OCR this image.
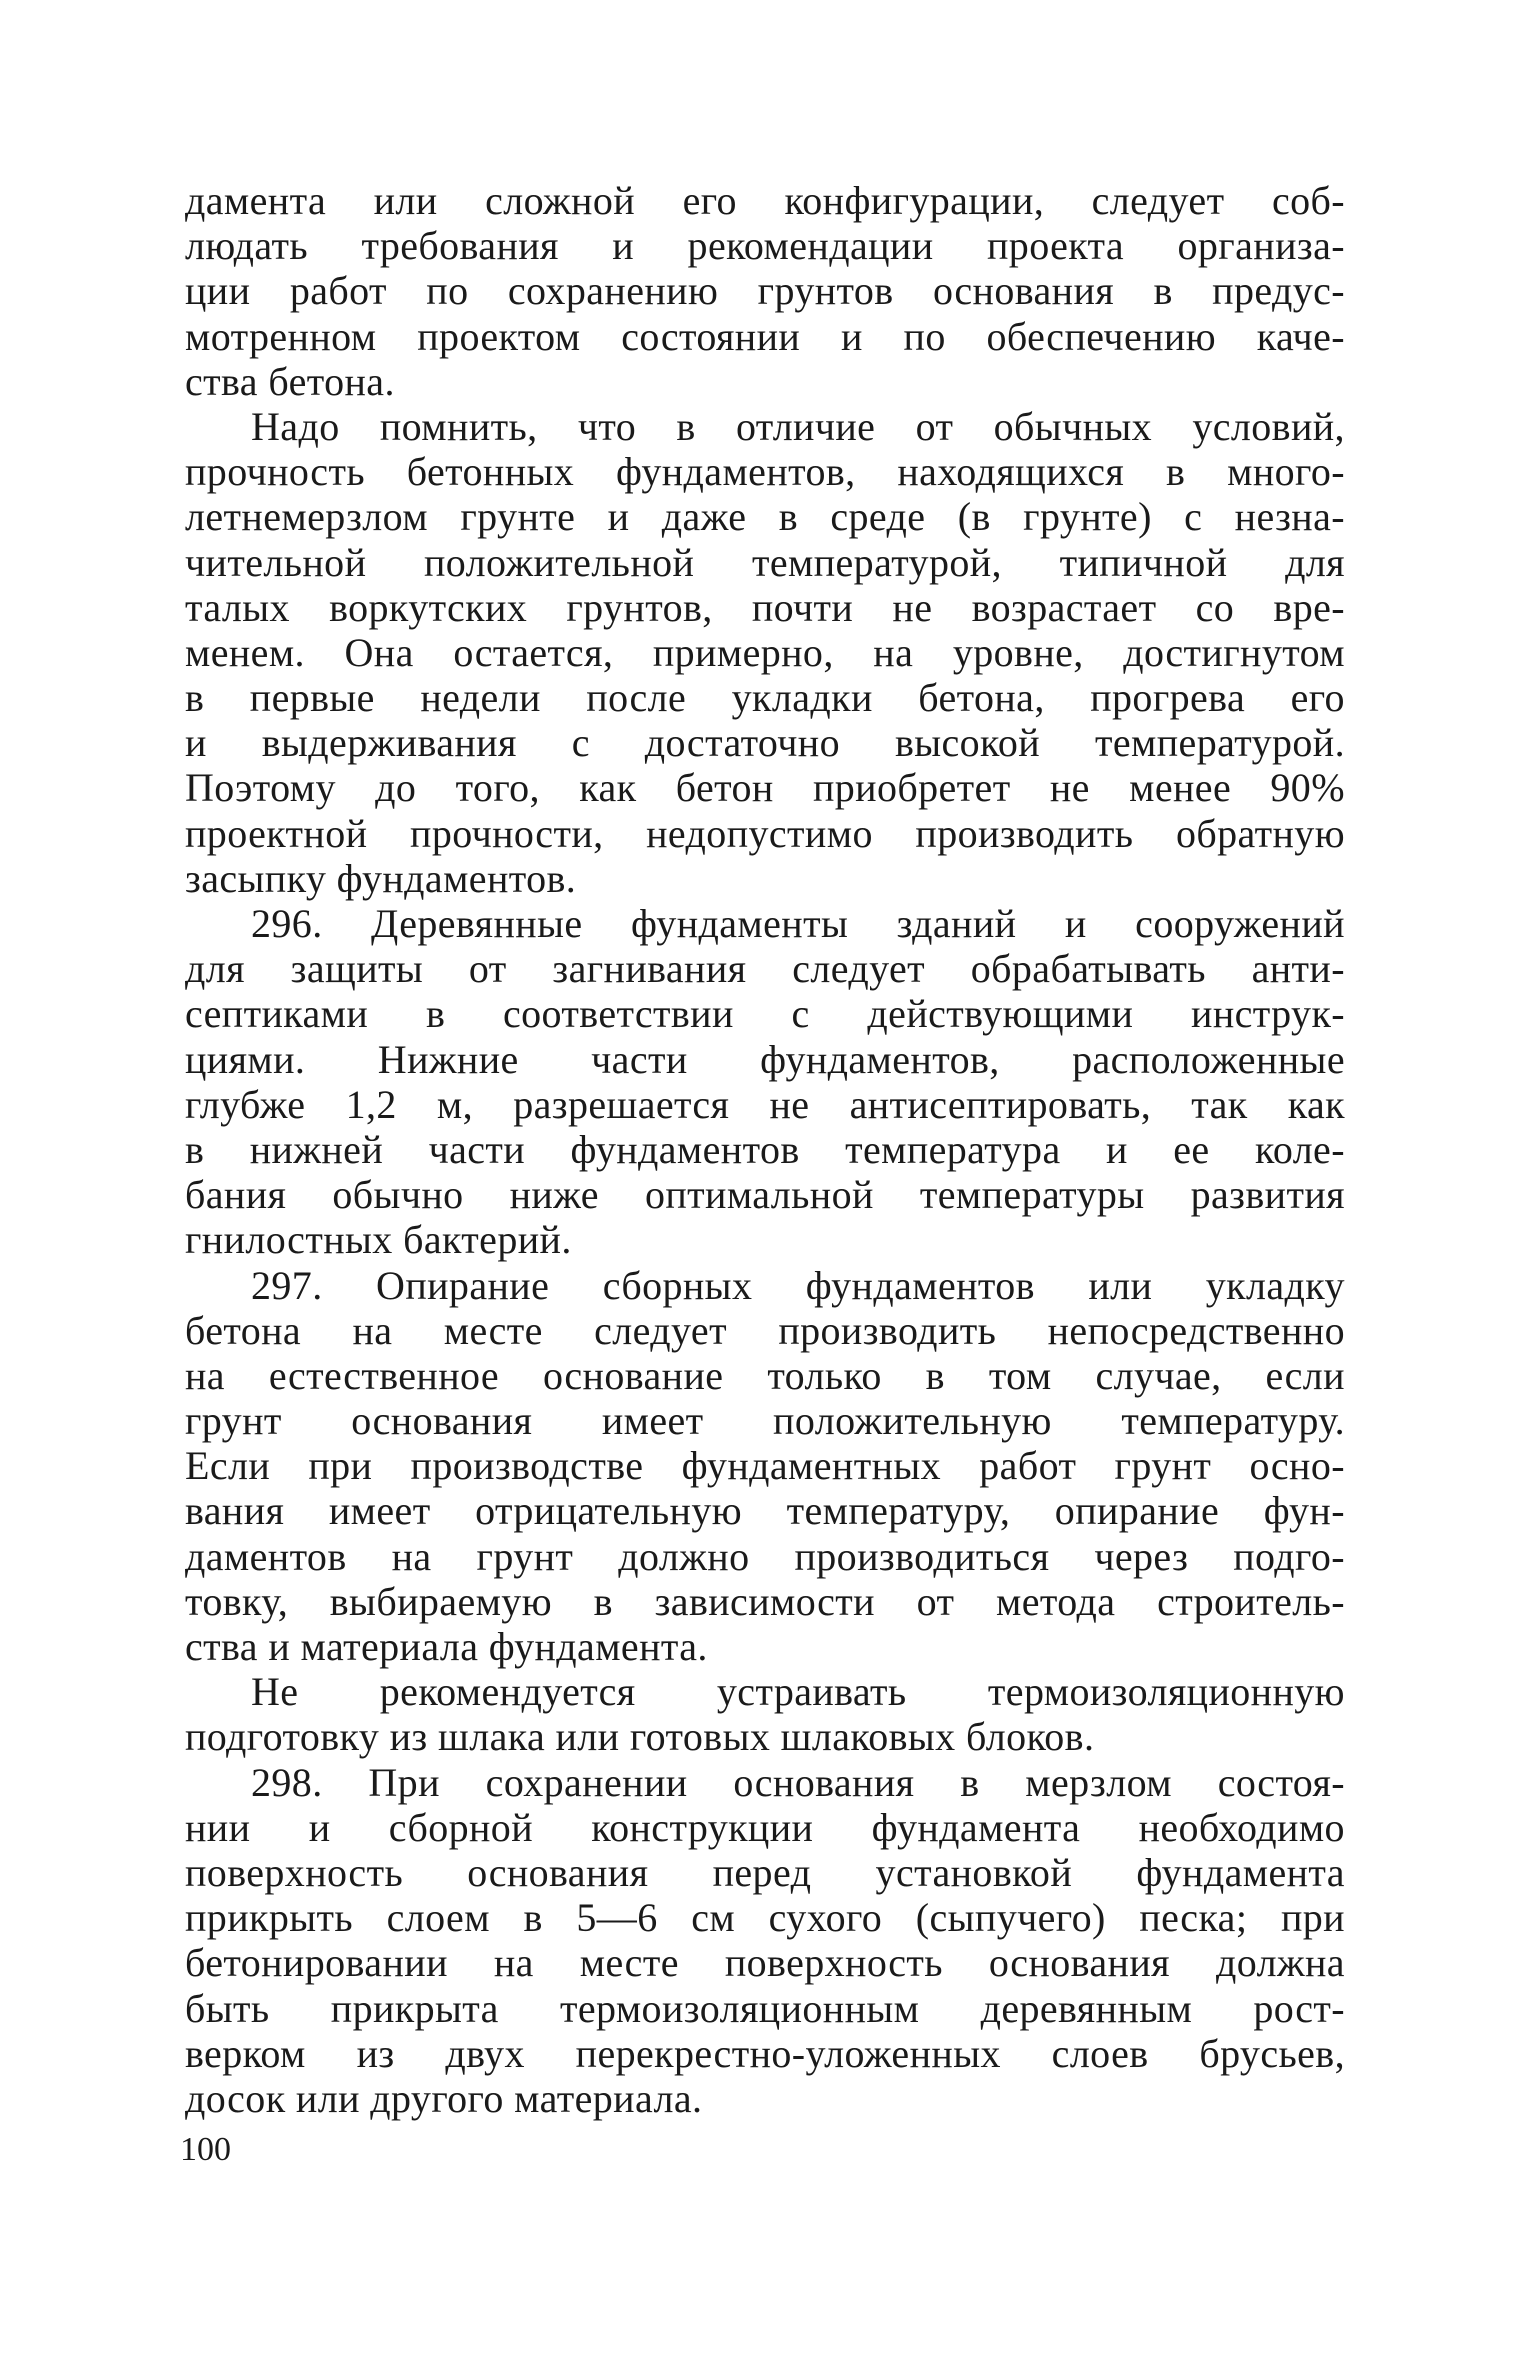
дамента или сложной его конфигурации, следует соб-
людать требования и рекомендации проекта организа-
ции работ по сохранению грунтов основания в предус-
мотренном проектом состоянии и по обеспечению каче-
ства бетона.
Надо помнить, что в отличие от обычных условий,
прочность бетонных фундаментов, находящихся в много-
летнемерзлом грунте и даже в среде (в грунте) с незна-
чительной положительной температурой, типичной для
талых воркутских грунтов, почти не возрастает со вре-
менем. Она остается, примерно, на уровне, достигнутом
в первые недели после укладки бетона, прогрева его
и выдерживания с достаточно высокой температурой.
Поэтому до того, как бетон приобретет не менее 90%
проектной прочности, недопустимо производить обратную
засыпку фундаментов.
296. Деревянные фундаменты зданий и сооружений
для защиты от загнивания следует обрабатывать анти-
септиками в соответствии с действующими инструк-
циями. Нижние части фундаментов, расположенные
глубже 1,2 м, разрешается не антисептировать, так как
в нижней части фундаментов температура и ее коле-
бания обычно ниже оптимальной температуры развития
гнилостных бактерий.
297. Опирание сборных фундаментов или укладку
бетона на месте следует производить непосредственно
на естественное основание только в том случае, если
грунт основания имеет положительную температуру.
Если при производстве фундаментных работ грунт осно-
вания имеет отрицательную температуру, опирание фун-
даментов на грунт должно производиться через подго-
товку, выбираемую в зависимости от метода строитель-
ства и материала фундамента.
Не рекомендуется устраивать термоизоляционную
подготовку из шлака или готовых шлаковых блоков.
298. При сохранении основания в мерзлом состоя-
нии и сборной конструкции фундамента необходимо
поверхность основания перед установкой фундамента
прикрыть слоем в 5—6 см сухого (сыпучего) песка; при
бетонировании на месте поверхность основания должна
быть прикрыта термоизоляционным деревянным рост-
верком из двух перекрестно-уложенных слоев брусьев,
досок или другого материала.
100
